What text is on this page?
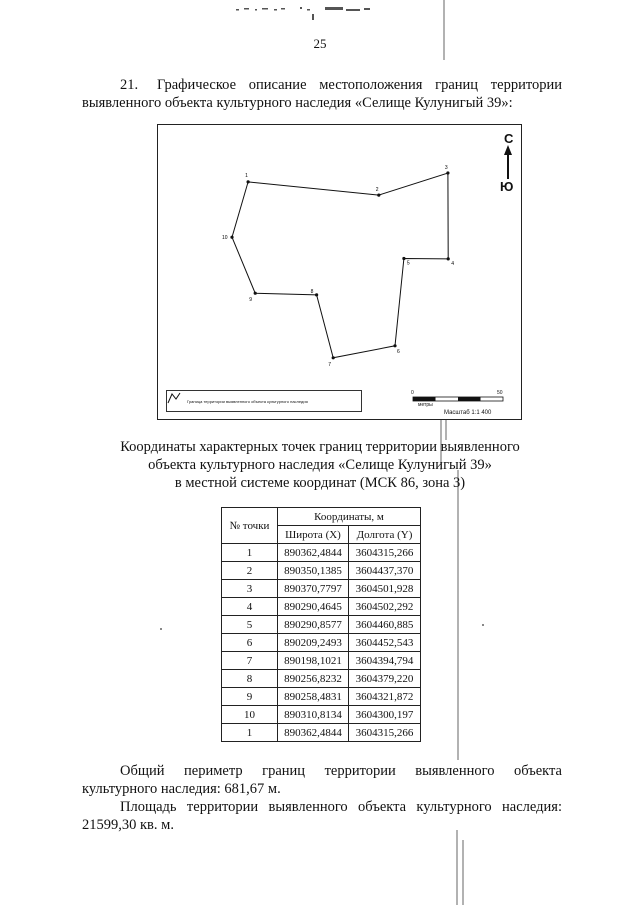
25
21. Графическое описание местоположения границ территории выявленного объекта культурного наследия «Селище Кулунигый 39»:
1
2
3
4
5
6
7
8
9
10
С
Ю
Граница территории выявленного объекта культурного наследия
0	50
метры
Масштаб 1:1 400
Координаты характерных точек границ территории выявленного
объекта культурного наследия «Селище Кулунигый 39»
в местной системе координат (МСК 86, зона 3)
№ точки	Координаты, м	
	Широта (X)	Долгота (Y)
1	890362,4844	3604315,266
2	890350,1385	3604437,370
3	890370,7797	3604501,928
4	890290,4645	3604502,292
5	890290,8577	3604460,885
6	890209,2493	3604452,543
7	890198,1021	3604394,794
8	890256,8232	3604379,220
9	890258,4831	3604321,872
10	890310,8134	3604300,197
1	890362,4844	3604315,266
Общий периметр границ территории выявленного объекта
культурного наследия: 681,67 м.
Площадь территории выявленного объекта культурного наследия: 21599,30 кв. м.
